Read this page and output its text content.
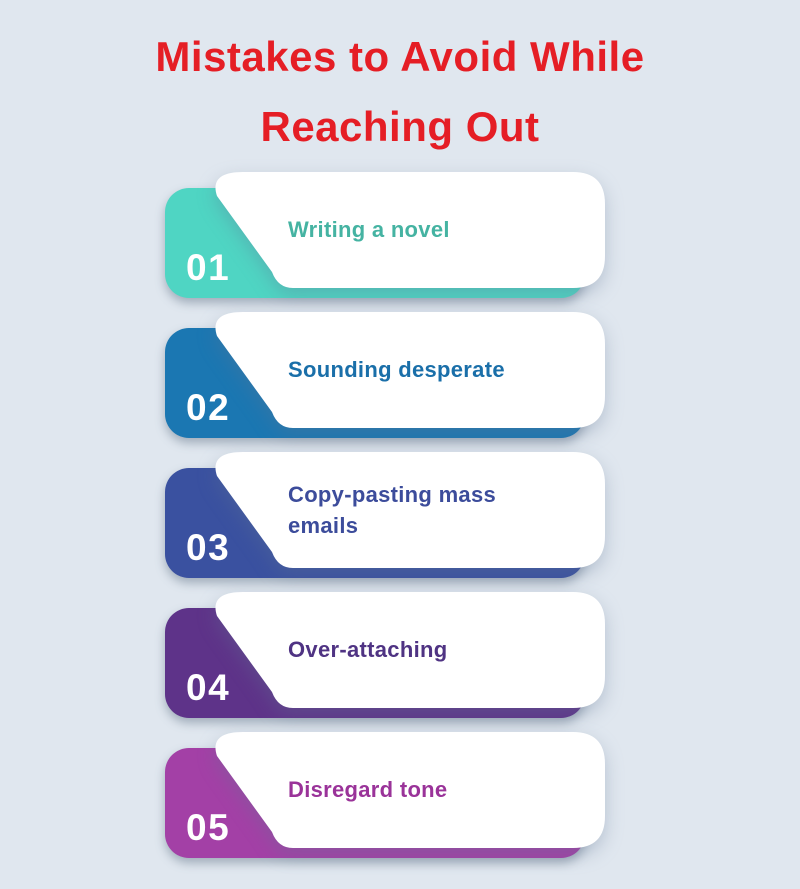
Mistakes to Avoid While
Reaching Out
01
Writing a novel
02
Sounding desperate
03
Copy-pasting mass emails
04
Over-attaching
05
Disregard tone
